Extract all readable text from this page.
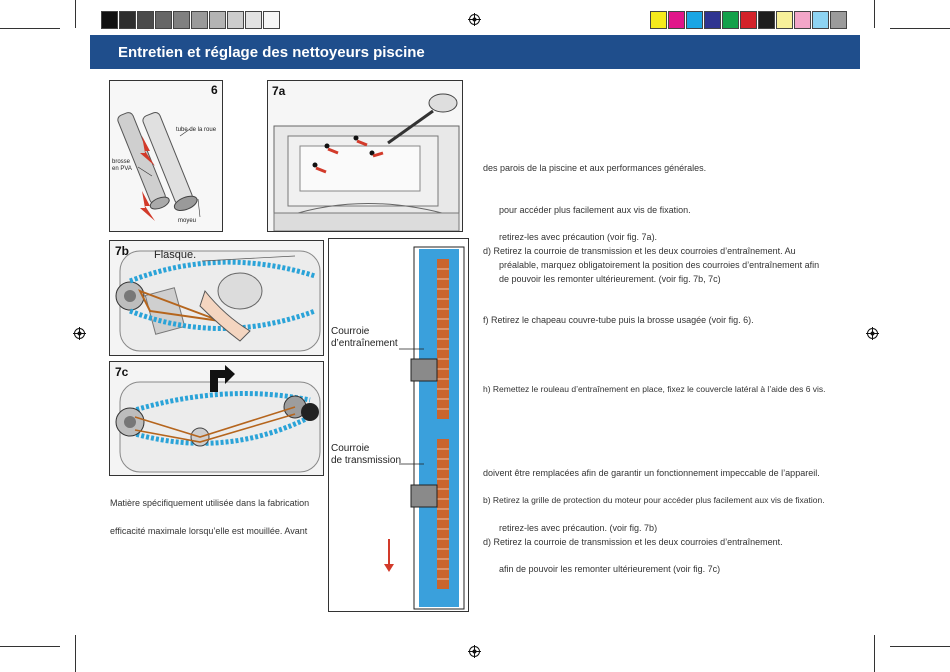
Entretien et réglage des nettoyeurs piscine
6
tube de la roue
brosse
en PVA
moyeu
7a
7b Flasque.
7c
Courroie
d’entraînement
Courroie
de transmission
Matière spécifiquement utilisée dans la fabrication
efficacité maximale lorsqu’elle est mouillée. Avant
des parois de la piscine et aux performances générales.
pour accéder plus facilement aux vis de fixation.
retirez-les avec précaution (voir fig. 7a).
d) Retirez la courroie de transmission et les deux courroies d’entraînement. Au
préalable, marquez obligatoirement la position des courroies d’entraînement afin
de pouvoir les remonter ultérieurement. (voir fig. 7b, 7c)
f) Retirez le chapeau couvre-tube puis la brosse usagée (voir fig. 6).
h) Remettez le rouleau d’entraînement en place, fixez le couvercle latéral à l’aide des 6 vis.
doivent être remplacées afin de garantir un fonctionnement impeccable de l’appareil.
b) Retirez la grille de protection du moteur pour accéder plus facilement aux vis de fixation.
retirez-les avec précaution. (voir fig. 7b)
d) Retirez la courroie de transmission et les deux courroies d’entraînement.
afin de pouvoir les remonter ultérieurement (voir fig. 7c)
